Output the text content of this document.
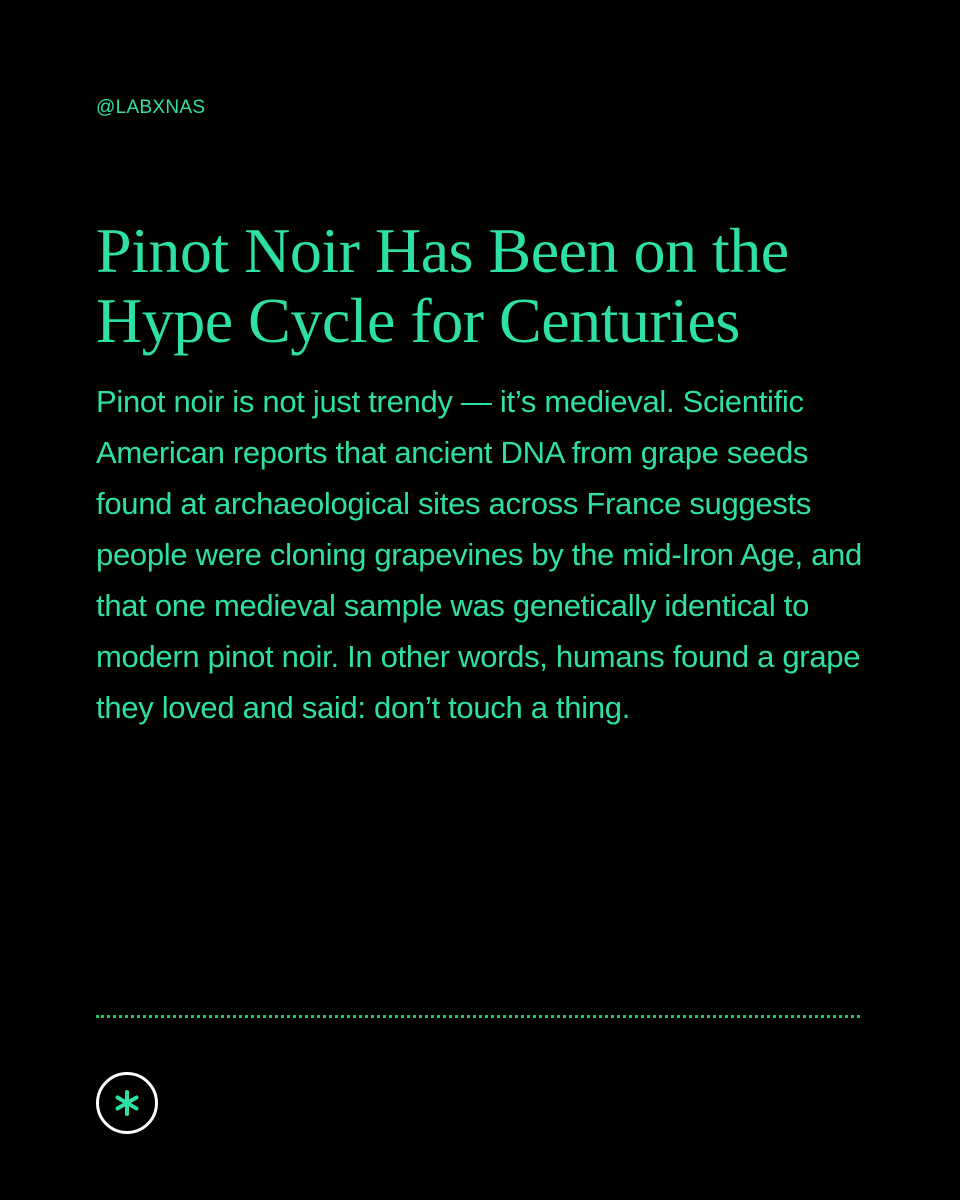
@LABXNAS
Pinot Noir Has Been on the Hype Cycle for Centuries

Pinot noir is not just trendy — it’s medieval. Scientific American reports that ancient DNA from grape seeds found at archaeological sites across France suggests people were cloning grapevines by the mid-Iron Age, and that one medieval sample was genetically identical to modern pinot noir. In other words, humans found a grape they loved and said: don’t touch a thing.
